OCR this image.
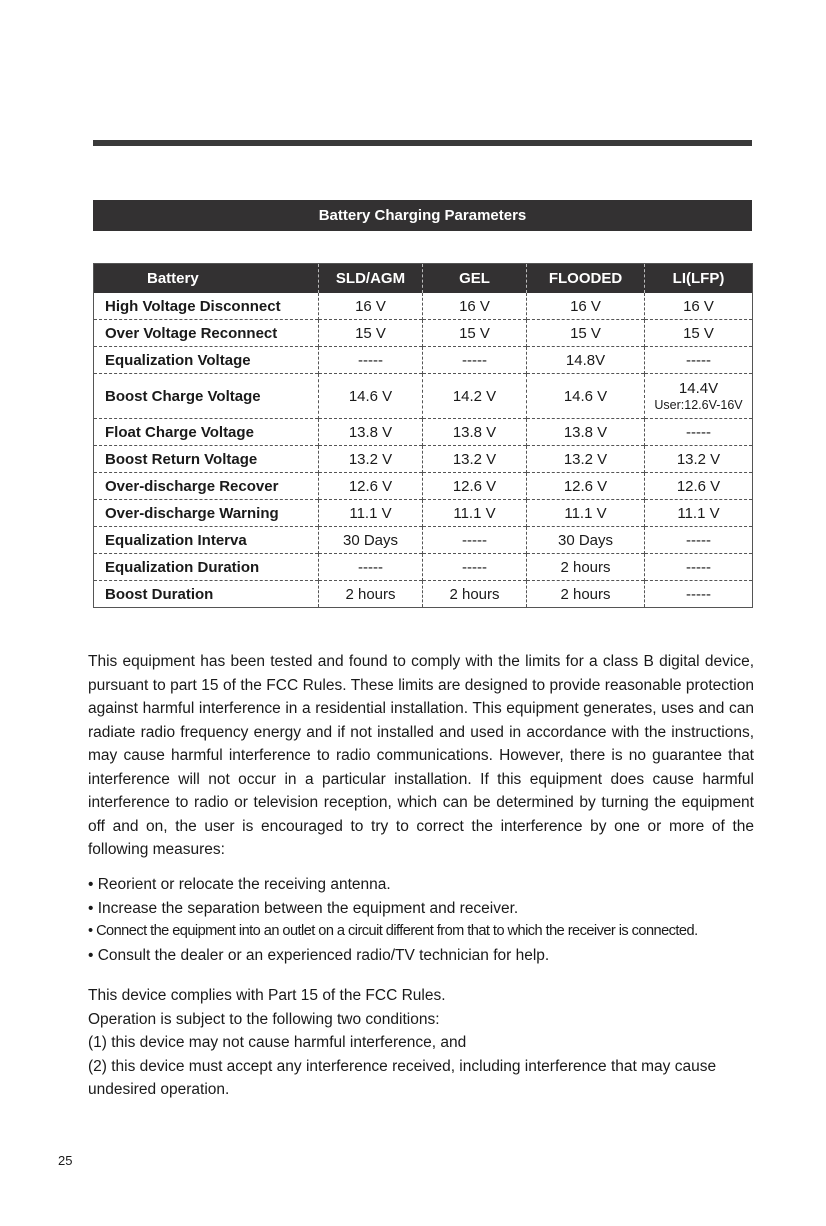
Battery Charging Parameters
Battery	SLD/AGM	GEL	FLOODED	LI(LFP)
High Voltage Disconnect	16 V	16 V	16 V	16 V
Over Voltage Reconnect	15 V	15 V	15 V	15 V
Equalization Voltage	-----	-----	14.8V	-----
Boost Charge Voltage	14.6 V	14.2 V	14.6 V	14.4V
User:12.6V-16V

Float Charge Voltage	13.8 V	13.8 V	13.8 V	-----
Boost Return Voltage	13.2 V	13.2 V	13.2 V	13.2 V
Over-discharge Recover	12.6 V	12.6 V	12.6 V	12.6 V
Over-discharge Warning	11.1 V	11.1 V	11.1 V	11.1 V
Equalization Interva	30 Days	-----	30 Days	-----
Equalization Duration	-----	-----	2 hours	-----
Boost Duration	2 hours	2 hours	2 hours	-----
This equipment has been tested and found to comply with the limits for a class B digital device, pursuant to part 15 of the FCC Rules. These limits are designed to provide reasonable protection against harmful interference in a residential installation. This equipment generates, uses and can radiate radio frequency energy and if not installed and used in accordance with the instructions, may cause harmful interference to radio communications. However, there is no guarantee that interference will not occur in a particular installation. If this equipment does cause harmful interference to radio or television reception, which can be determined by turning the equipment off and on, the user is encouraged to try to correct the interference by one or more of the following measures:
• Reorient or relocate the receiving antenna.
• Increase the separation between the equipment and receiver.
• Connect the equipment into an outlet on a circuit different from that to which the receiver is connected.
• Consult the dealer or an experienced radio/TV technician for help.
This device complies with Part 15 of the FCC Rules.
Operation is subject to the following two conditions:
(1) this device may not cause harmful interference, and
(2) this device must accept any interference received, including interference that may cause
undesired operation.
25
